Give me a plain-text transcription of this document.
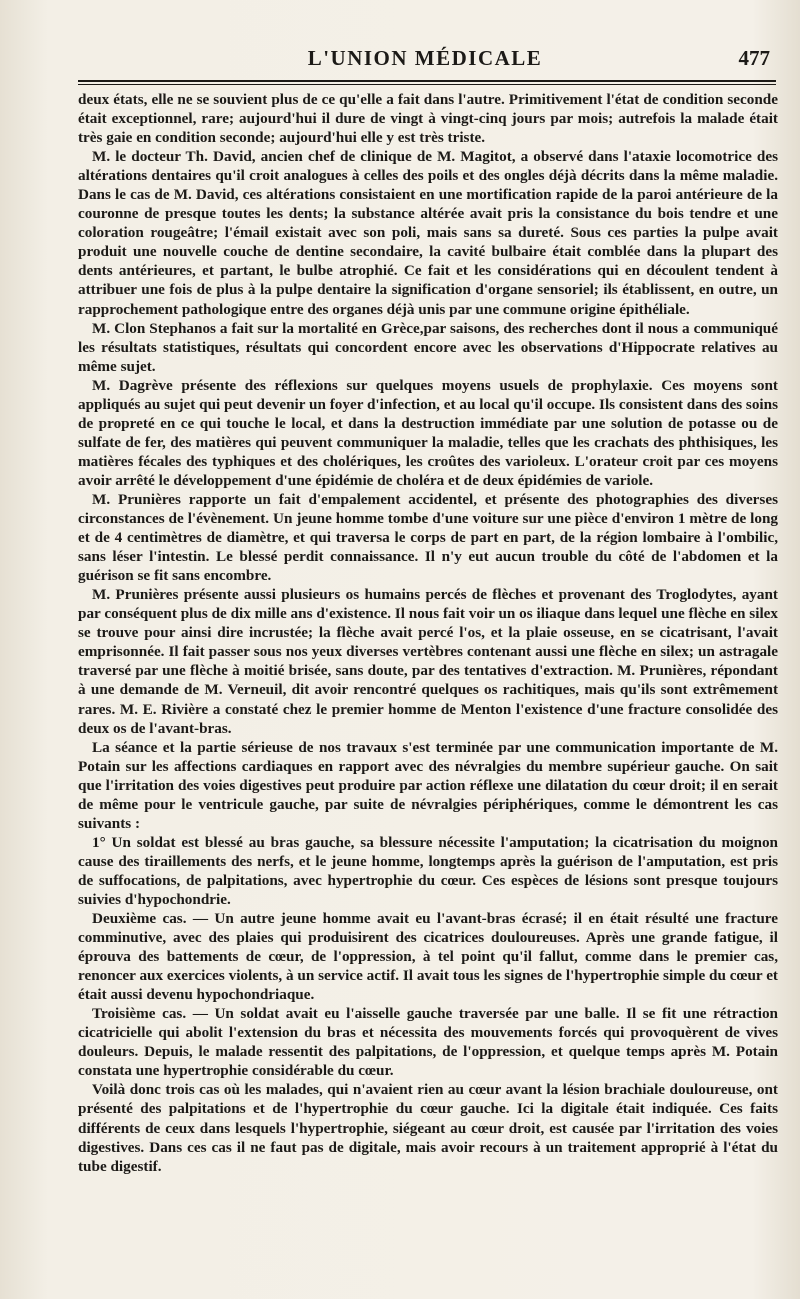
L'UNION MÉDICALE	477

deux états, elle ne se souvient plus de ce qu'elle a fait dans l'autre. Primitivement l'état de condition seconde était exceptionnel, rare; aujourd'hui il dure de vingt à vingt-cinq jours par mois; autrefois la malade était très gaie en condition seconde; aujourd'hui elle y est très triste.

M. le docteur Th. David, ancien chef de clinique de M. Magitot, a observé dans l'ataxie locomotrice des altérations dentaires qu'il croit analogues à celles des poils et des ongles déjà décrits dans la même maladie. Dans le cas de M. David, ces altérations consistaient en une mortification rapide de la paroi antérieure de la couronne de presque toutes les dents; la substance altérée avait pris la consistance du bois tendre et une coloration rougeâtre; l'émail existait avec son poli, mais sans sa dureté. Sous ces parties la pulpe avait produit une nouvelle couche de dentine secondaire, la cavité bulbaire était comblée dans la plupart des dents antérieures, et partant, le bulbe atrophié. Ce fait et les considérations qui en découlent tendent à attribuer une fois de plus à la pulpe dentaire la signification d'organe sensoriel; ils établissent, en outre, un rapprochement pathologique entre des organes déjà unis par une commune origine épithéliale.

M. Clon Stephanos a fait sur la mortalité en Grèce,par saisons, des recherches dont il nous a communiqué les résultats statistiques, résultats qui concordent encore avec les observations d'Hippocrate relatives au même sujet.

M. Dagrève présente des réflexions sur quelques moyens usuels de prophylaxie. Ces moyens sont appliqués au sujet qui peut devenir un foyer d'infection, et au local qu'il occupe. Ils consistent dans des soins de propreté en ce qui touche le local, et dans la destruction immédiate par une solution de potasse ou de sulfate de fer, des matières qui peuvent communiquer la maladie, telles que les crachats des phthisiques, les matières fécales des typhiques et des cholériques, les croûtes des varioleux. L'orateur croit par ces moyens avoir arrêté le développement d'une épidémie de choléra et de deux épidémies de variole.

M. Prunières rapporte un fait d'empalement accidentel, et présente des photographies des diverses circonstances de l'évènement. Un jeune homme tombe d'une voiture sur une pièce d'environ 1 mètre de long et de 4 centimètres de diamètre, et qui traversa le corps de part en part, de la région lombaire à l'ombilic, sans léser l'intestin. Le blessé perdit connaissance. Il n'y eut aucun trouble du côté de l'abdomen et la guérison se fit sans encombre.

M. Prunières présente aussi plusieurs os humains percés de flèches et provenant des Troglodytes, ayant par conséquent plus de dix mille ans d'existence. Il nous fait voir un os iliaque dans lequel une flèche en silex se trouve pour ainsi dire incrustée; la flèche avait percé l'os, et la plaie osseuse, en se cicatrisant, l'avait emprisonnée. Il fait passer sous nos yeux diverses vertèbres contenant aussi une flèche en silex; un astragale traversé par une flèche à moitié brisée, sans doute, par des tentatives d'extraction. M. Prunières, répondant à une demande de M. Verneuil, dit avoir rencontré quelques os rachitiques, mais qu'ils sont extrêmement rares. M. E. Rivière a constaté chez le premier homme de Menton l'existence d'une fracture consolidée des deux os de l'avant-bras.

La séance et la partie sérieuse de nos travaux s'est terminée par une communication importante de M. Potain sur les affections cardiaques en rapport avec des névralgies du membre supérieur gauche. On sait que l'irritation des voies digestives peut produire par action réflexe une dilatation du cœur droit; il en serait de même pour le ventricule gauche, par suite de névralgies périphériques, comme le démontrent les cas suivants :

1° Un soldat est blessé au bras gauche, sa blessure nécessite l'amputation; la cicatrisation du moignon cause des tiraillements des nerfs, et le jeune homme, longtemps après la guérison de l'amputation, est pris de suffocations, de palpitations, avec hypertrophie du cœur. Ces espèces de lésions sont presque toujours suivies d'hypochondrie.

Deuxième cas. — Un autre jeune homme avait eu l'avant-bras écrasé; il en était résulté une fracture comminutive, avec des plaies qui produisirent des cicatrices douloureuses. Après une grande fatigue, il éprouva des battements de cœur, de l'oppression, à tel point qu'il fallut, comme dans le premier cas, renoncer aux exercices violents, à un service actif. Il avait tous les signes de l'hypertrophie simple du cœur et était aussi devenu hypochondriaque.

Troisième cas. — Un soldat avait eu l'aisselle gauche traversée par une balle. Il se fit une rétraction cicatricielle qui abolit l'extension du bras et nécessita des mouvements forcés qui provoquèrent de vives douleurs. Depuis, le malade ressentit des palpitations, de l'oppression, et quelque temps après M. Potain constata une hypertrophie considérable du cœur.

Voilà donc trois cas où les malades, qui n'avaient rien au cœur avant la lésion brachiale douloureuse, ont présenté des palpitations et de l'hypertrophie du cœur gauche. Ici la digitale était indiquée. Ces faits différents de ceux dans lesquels l'hypertrophie, siégeant au cœur droit, est causée par l'irritation des voies digestives. Dans ces cas il ne faut pas de digitale, mais avoir recours à un traitement approprié à l'état du tube digestif.
